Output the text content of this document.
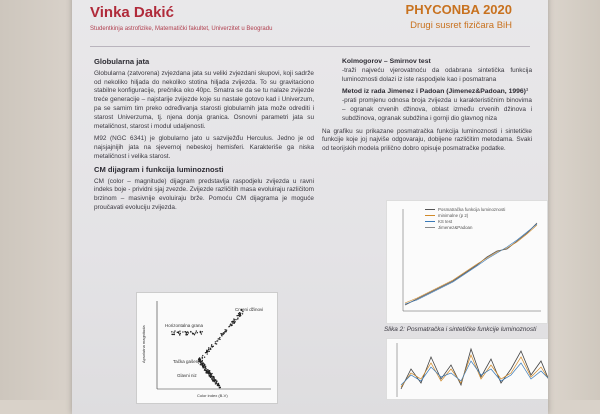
Vinka Dakić
Studentkinja astrofizike, Matematički fakultet, Univerzitet u Beogradu
PHYCONBA 2020
Drugi susret fizičara BiH
Globularna jata

Globularna (zatvorena) zvjezdana jata su veliki zvjezdani skupovi, koji sadrže od nekoliko hiljada do nekoliko stotina hiljada zvijezda. To su gravitaciono stabilne konfiguracije, prečnika oko 40pc. Smatra se da se tu nalaze zvijezde treće generacije – najstarije zvijezde koje su nastale gotovo kad i Univerzum, pa se samim tim preko određivanja starosti globularnih jata može odrediti i starost Univerzuma, tj. njena donja granica. Osnovni parametri jata su metaličnost, starost i modul udaljenosti.

M92 (NGC 6341) je globularno jato u sazviježđu Herculus. Jedno je od najsjajnijih jata na sjevernoj nebeskoj hemisferi. Karakteriše ga niska metaličnost i velika starost.

CM dijagram i funkcija luminoznosti

CM (color – magnitude) dijagram predstavlja raspodjelu zvijezda u ravni indeks boje - prividni sjaj zvezde. Zvijezde različitih masa evoluiraju različitom brzinom – masivnije evoluiraju brže. Pomoću CM dijagrama je moguće proučavati evoluciju zvijezda.

Crveni džinovi
Horizontalna grana
Tačka gašenja
Glavni niz
Color index (B-V)
Apsolutna magnituda
Kolmogorov – Smirnov test

-traži najveću vjerovatnoću da odabrana sintetička funkcija luminoznosti dolazi iz iste raspodjele kao i posmatrana

Metod iz rada Jimenez i Padoan (Jimenez&Padoan, 1996)¹

-prati promjenu odnosa broja zvijezda u karakterističnim binovima – ogranak crvenih džinova, oblast između crvenih džinova i subdžinova, ogranak subdžina i gornji dio glavnog niza

Na grafiku su prikazane posmatračka funkcija luminoznosti i sintetičke funkcije koje joj najviše odgovaraju, dobijene različitim metodama. Svaki od teorijskih modela prilično dobro opisuje posmatračke podatke.

Posmatračka funkcija luminoznosti
minimalne (p 2)
KS test
Jimenez&Padoan
Slika 2: Posmatračka i sintetičke funkcije luminoznosti
